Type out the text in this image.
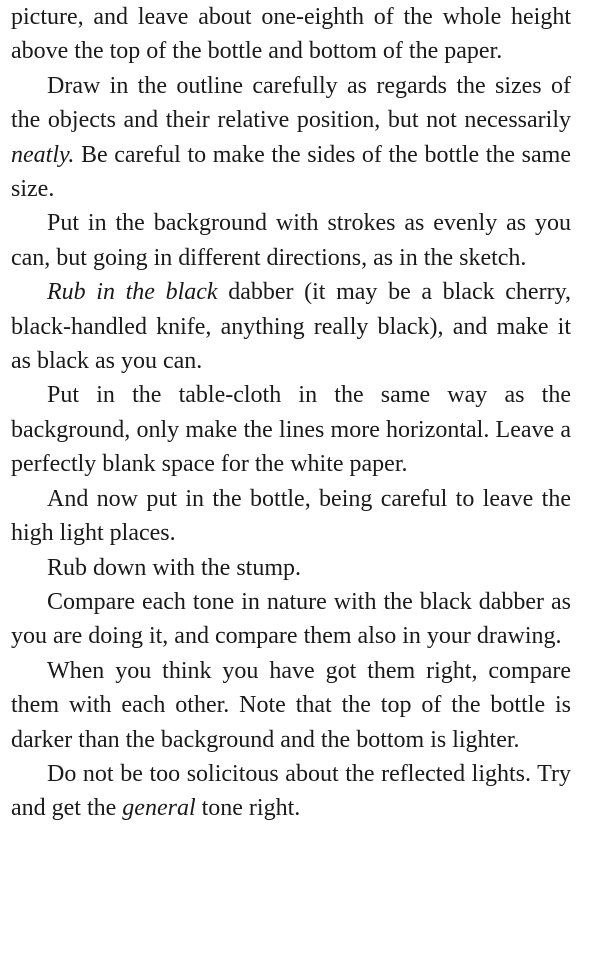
picture, and leave about one-eighth of the whole height above the top of the bottle and bottom of the paper.

Draw in the outline carefully as regards the sizes of the objects and their relative position, but not necessarily neatly. Be careful to make the sides of the bottle the same size.

Put in the background with strokes as evenly as you can, but going in different directions, as in the sketch.

Rub in the black dabber (it may be a black cherry, black-handled knife, anything really black), and make it as black as you can.

Put in the table-cloth in the same way as the background, only make the lines more horizontal. Leave a perfectly blank space for the white paper.

And now put in the bottle, being careful to leave the high light places.

Rub down with the stump.

Compare each tone in nature with the black dabber as you are doing it, and compare them also in your drawing.

When you think you have got them right, compare them with each other. Note that the top of the bottle is darker than the background and the bottom is lighter.

Do not be too solicitous about the reflected lights. Try and get the general tone right.
